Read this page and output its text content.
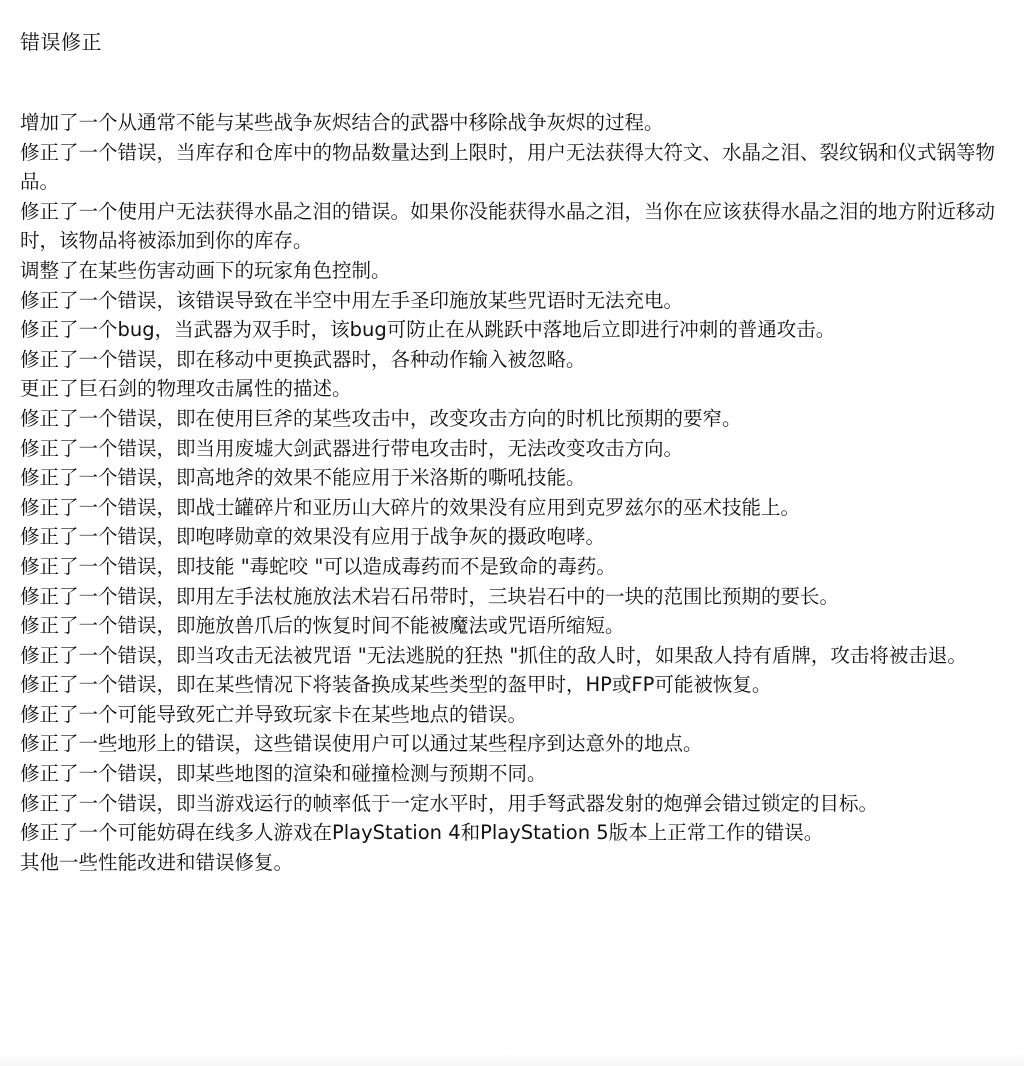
错误修正
增加了一个从通常不能与某些战争灰烬结合的武器中移除战争灰烬的过程。
修正了一个错误，当库存和仓库中的物品数量达到上限时，用户无法获得大符文、水晶之泪、裂纹锅和仪式锅等物品。
修正了一个使用户无法获得水晶之泪的错误。如果你没能获得水晶之泪，当你在应该获得水晶之泪的地方附近移动时，该物品将被添加到你的库存。
调整了在某些伤害动画下的玩家角色控制。
修正了一个错误，该错误导致在半空中用左手圣印施放某些咒语时无法充电。
修正了一个bug，当武器为双手时，该bug可防止在从跳跃中落地后立即进行冲刺的普通攻击。
修正了一个错误，即在移动中更换武器时，各种动作输入被忽略。
更正了巨石剑的物理攻击属性的描述。
修正了一个错误，即在使用巨斧的某些攻击中，改变攻击方向的时机比预期的要窄。
修正了一个错误，即当用废墟大剑武器进行带电攻击时，无法改变攻击方向。
修正了一个错误，即高地斧的效果不能应用于米洛斯的嘶吼技能。
修正了一个错误，即战士罐碎片和亚历山大碎片的效果没有应用到克罗兹尔的巫术技能上。
修正了一个错误，即咆哮勋章的效果没有应用于战争灰的摄政咆哮。
修正了一个错误，即技能 "毒蛇咬 "可以造成毒药而不是致命的毒药。
修正了一个错误，即用左手法杖施放法术岩石吊带时，三块岩石中的一块的范围比预期的要长。
修正了一个错误，即施放兽爪后的恢复时间不能被魔法或咒语所缩短。
修正了一个错误，即当攻击无法被咒语 "无法逃脱的狂热 "抓住的敌人时，如果敌人持有盾牌，攻击将被击退。
修正了一个错误，即在某些情况下将装备换成某些类型的盔甲时，HP或FP可能被恢复。
修正了一个可能导致死亡并导致玩家卡在某些地点的错误。
修正了一些地形上的错误，这些错误使用户可以通过某些程序到达意外的地点。
修正了一个错误，即某些地图的渲染和碰撞检测与预期不同。
修正了一个错误，即当游戏运行的帧率低于一定水平时，用手弩武器发射的炮弹会错过锁定的目标。
修正了一个可能妨碍在线多人游戏在PlayStation 4和PlayStation 5版本上正常工作的错误。
其他一些性能改进和错误修复。
